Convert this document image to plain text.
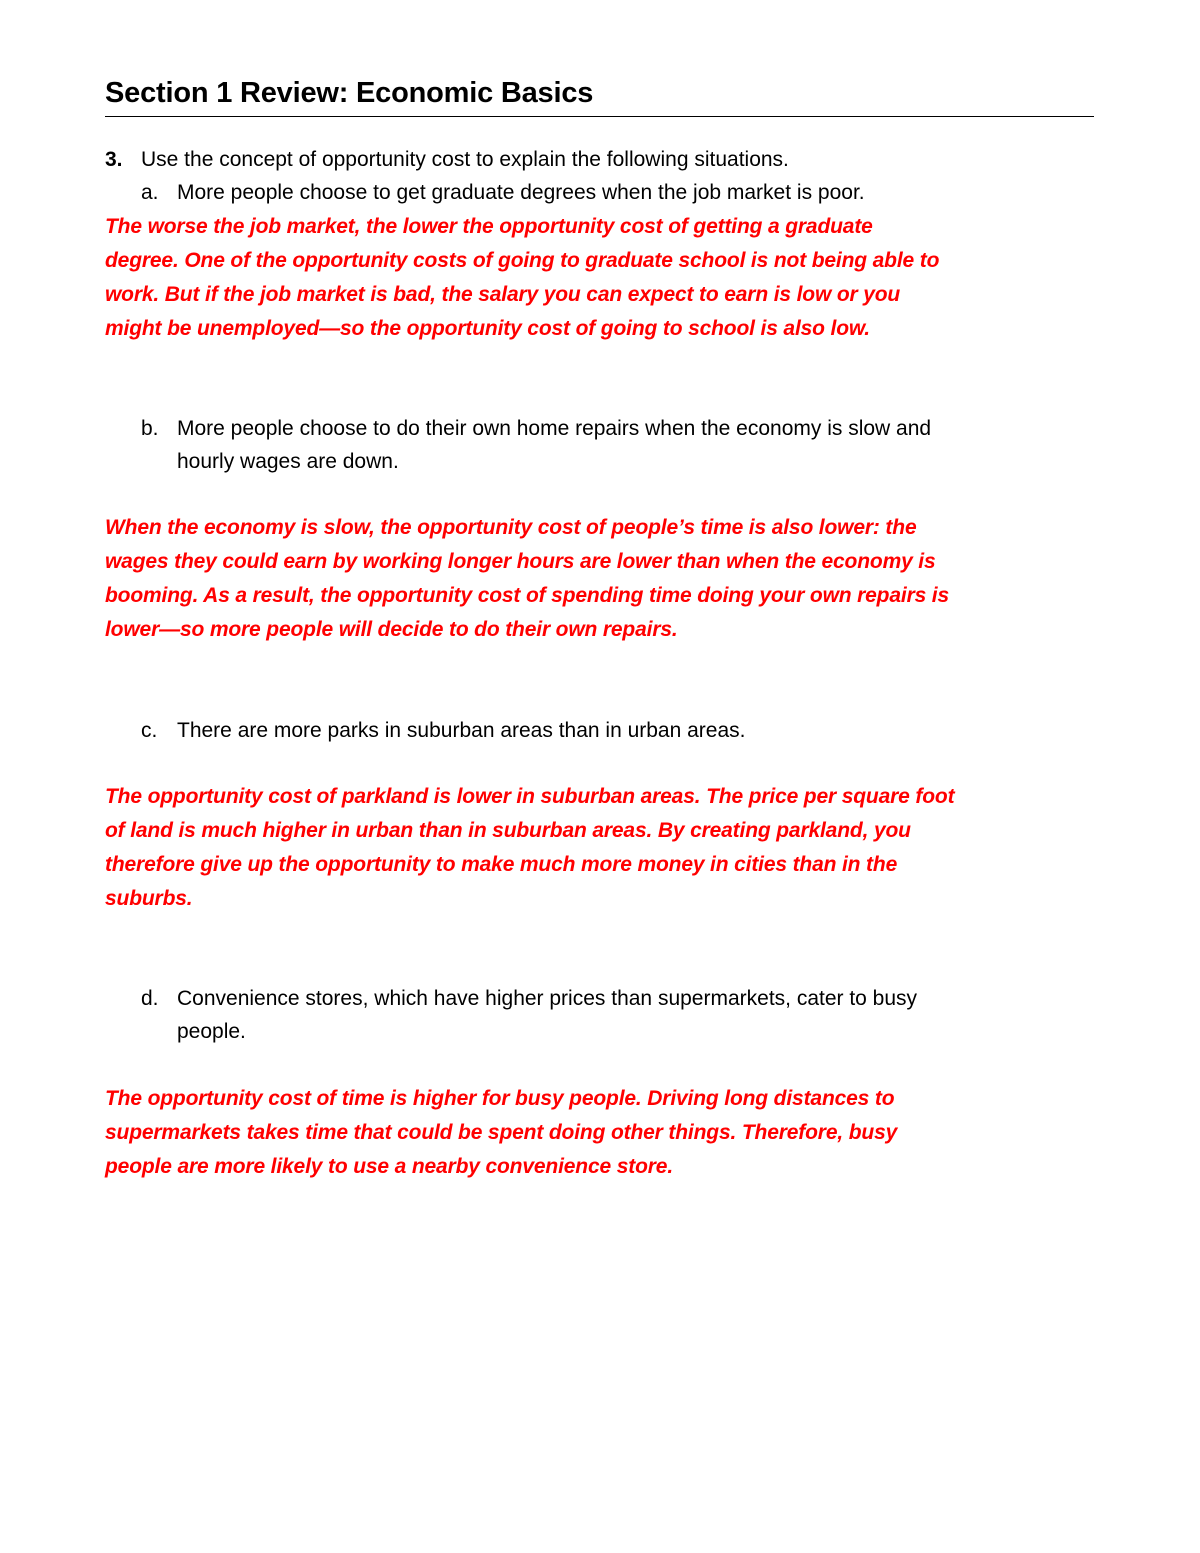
Section 1 Review: Economic Basics
3. Use the concept of opportunity cost to explain the following situations.
a. More people choose to get graduate degrees when the job market is poor.
The worse the job market, the lower the opportunity cost of getting a graduate
degree. One of the opportunity costs of going to graduate school is not being able to
work. But if the job market is bad, the salary you can expect to earn is low or you
might be unemployed—so the opportunity cost of going to school is also low.
b. More people choose to do their own home repairs when the economy is slow and
hourly wages are down.
When the economy is slow, the opportunity cost of people’s time is also lower: the
wages they could earn by working longer hours are lower than when the economy is
booming. As a result, the opportunity cost of spending time doing your own repairs is
lower—so more people will decide to do their own repairs.
c. There are more parks in suburban areas than in urban areas.
The opportunity cost of parkland is lower in suburban areas. The price per square foot
of land is much higher in urban than in suburban areas. By creating parkland, you
therefore give up the opportunity to make much more money in cities than in the
suburbs.
d. Convenience stores, which have higher prices than supermarkets, cater to busy
people.
The opportunity cost of time is higher for busy people. Driving long distances to
supermarkets takes time that could be spent doing other things. Therefore, busy
people are more likely to use a nearby convenience store.
